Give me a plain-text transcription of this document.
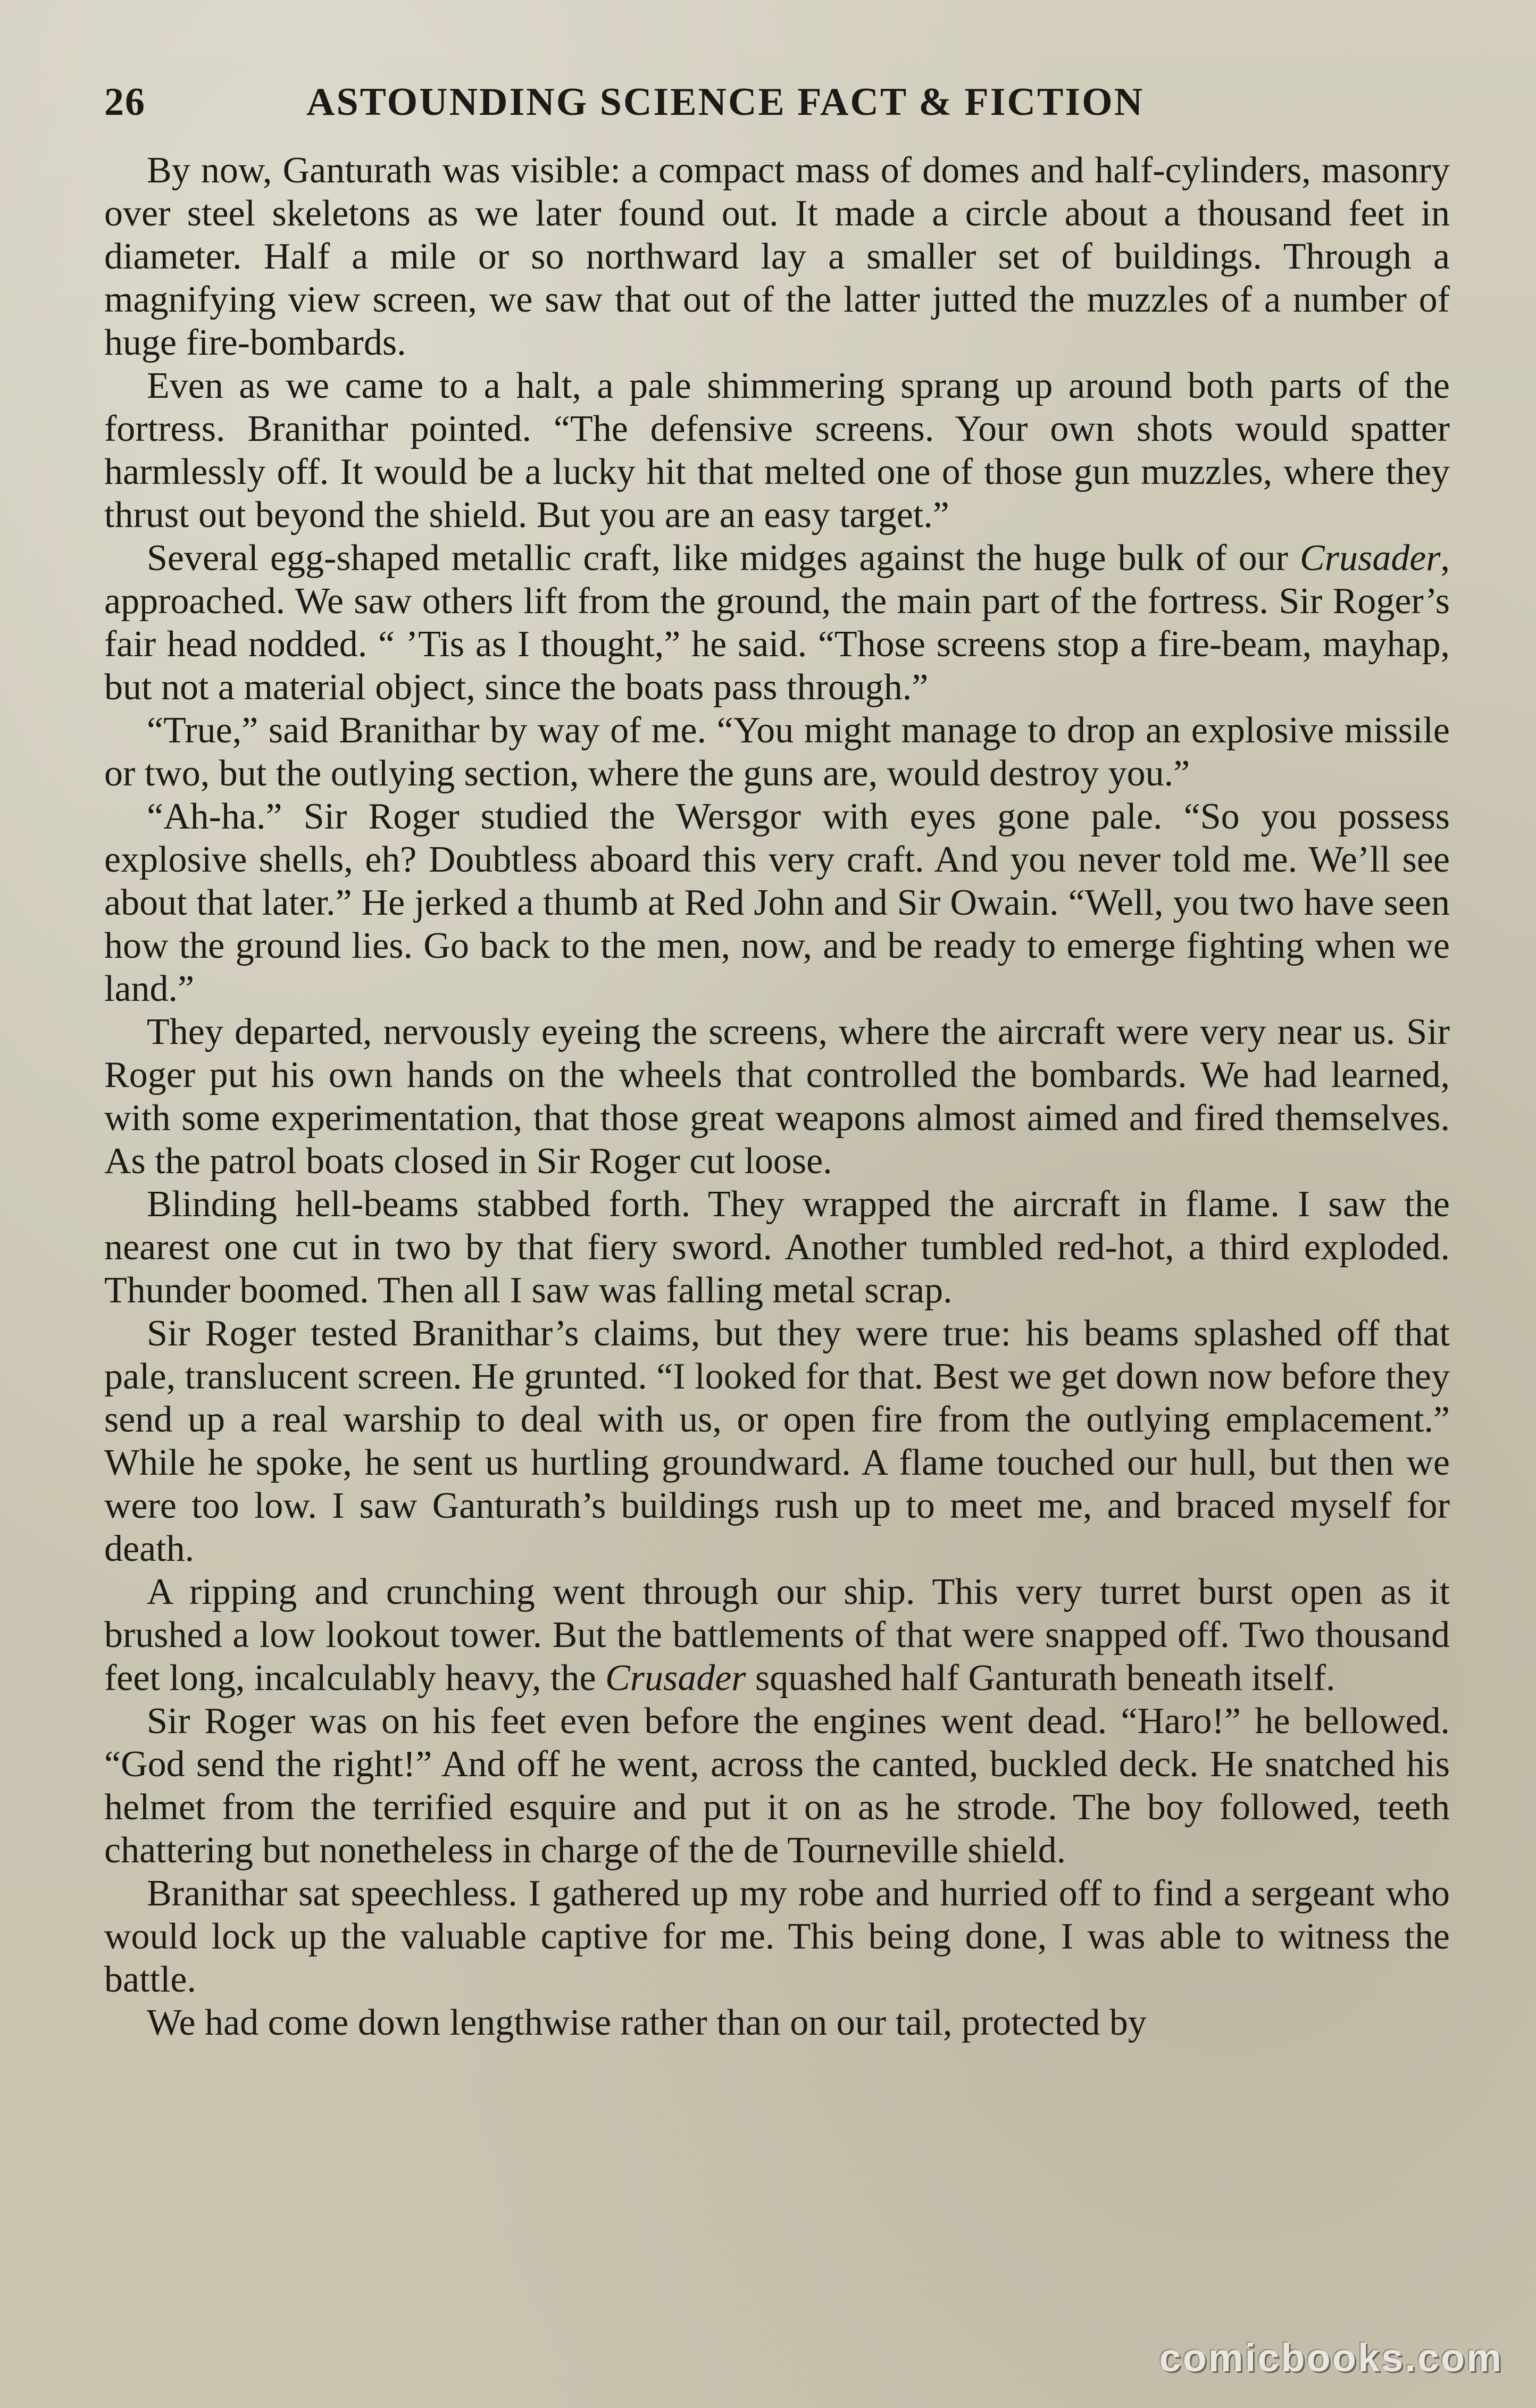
26	ASTOUNDING SCIENCE FACT & FICTION

By now, Ganturath was visible: a compact mass of domes and half-cylinders, masonry over steel skeletons as we later found out. It made a circle about a thousand feet in diameter. Half a mile or so northward lay a smaller set of buildings. Through a magnifying view screen, we saw that out of the latter jutted the muzzles of a number of huge fire-bombards.

Even as we came to a halt, a pale shimmering sprang up around both parts of the fortress. Branithar pointed. “The defensive screens. Your own shots would spatter harmlessly off. It would be a lucky hit that melted one of those gun muzzles, where they thrust out beyond the shield. But you are an easy target.”

Several egg-shaped metallic craft, like midges against the huge bulk of our Crusader, approached. We saw others lift from the ground, the main part of the fortress. Sir Roger’s fair head nodded. “ ’Tis as I thought,” he said. “Those screens stop a fire-beam, mayhap, but not a material object, since the boats pass through.”

“True,” said Branithar by way of me. “You might manage to drop an explosive missile or two, but the outlying section, where the guns are, would destroy you.”

“Ah-ha.” Sir Roger studied the Wersgor with eyes gone pale. “So you possess explosive shells, eh? Doubtless aboard this very craft. And you never told me. We’ll see about that later.” He jerked a thumb at Red John and Sir Owain. “Well, you two have seen how the ground lies. Go back to the men, now, and be ready to emerge fighting when we land.”

They departed, nervously eyeing the screens, where the aircraft were very near us. Sir Roger put his own hands on the wheels that controlled the bombards. We had learned, with some experimentation, that those great weapons almost aimed and fired themselves. As the patrol boats closed in Sir Roger cut loose.

Blinding hell-beams stabbed forth. They wrapped the aircraft in flame. I saw the nearest one cut in two by that fiery sword. Another tumbled red-hot, a third exploded. Thunder boomed. Then all I saw was falling metal scrap.

Sir Roger tested Branithar’s claims, but they were true: his beams splashed off that pale, translucent screen. He grunted. “I looked for that. Best we get down now before they send up a real warship to deal with us, or open fire from the outlying emplacement.” While he spoke, he sent us hurtling groundward. A flame touched our hull, but then we were too low. I saw Ganturath’s buildings rush up to meet me, and braced myself for death.

A ripping and crunching went through our ship. This very turret burst open as it brushed a low lookout tower. But the battlements of that were snapped off. Two thousand feet long, incalculably heavy, the Crusader squashed half Ganturath beneath itself.

Sir Roger was on his feet even before the engines went dead. “Haro!” he bellowed. “God send the right!” And off he went, across the canted, buckled deck. He snatched his helmet from the terrified esquire and put it on as he strode. The boy followed, teeth chattering but nonetheless in charge of the de Tourneville shield.

Branithar sat speechless. I gathered up my robe and hurried off to find a sergeant who would lock up the valuable captive for me. This being done, I was able to witness the battle.

We had come down lengthwise rather than on our tail, protected by

comicbooks.com
